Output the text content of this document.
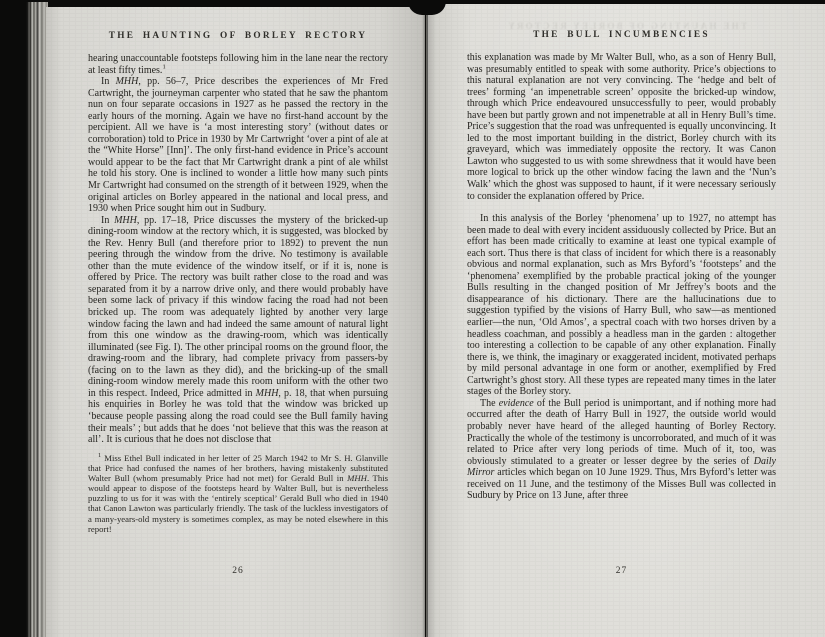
THE HAUNTING OF BORLEY RECTORY

hearing unaccountable footsteps following him in the lane near the rectory at least fifty times.$^1$

In MHH, pp. 56–7, Price describes the experiences of Mr Fred Cartwright, the journeyman carpenter who stated that he saw the phantom nun on four separate occasions in 1927 as he passed the rectory in the early hours of the morning. Again we have no first-hand account by the percipient. All we have is ‘a most interesting story’ (without dates or corroboration) told to Price in 1930 by Mr Cartwright ‘over a pint of ale at the “White Horse” [Inn]’. The only first-hand evidence in Price’s account would appear to be the fact that Mr Cartwright drank a pint of ale whilst he told his story. One is inclined to wonder a little how many such pints Mr Cartwright had consumed on the strength of it between 1929, when the original articles on Borley appeared in the national and local press, and 1930 when Price sought him out in Sudbury.

In MHH, pp. 17–18, Price discusses the mystery of the bricked-up dining-room window at the rectory which, it is suggested, was blocked by the Rev. Henry Bull (and therefore prior to 1892) to prevent the nun peering through the window from the drive. No testimony is available other than the mute evidence of the window itself, or if it is, none is offered by Price. The rectory was built rather close to the road and was separated from it by a narrow drive only, and there would probably have been some lack of privacy if this window facing the road had not been bricked up. The room was adequately lighted by another very large window facing the lawn and had indeed the same amount of natural light from this one window as the drawing-room, which was identically illuminated (see Fig. I). The other principal rooms on the ground floor, the drawing-room and the library, had complete privacy from passers-by (facing on to the lawn as they did), and the bricking-up of the small dining-room window merely made this room uniform with the other two in this respect. Indeed, Price admitted in MHH, p. 18, that when pursuing his enquiries in Borley he was told that the window was bricked up ‘because people passing along the road could see the Bull family having their meals’ ; but adds that he does ‘not believe that this was the reason at all’. It is curious that he does not disclose that

$^1$ Miss Ethel Bull indicated in her letter of 25 March 1942 to Mr S. H. Glanville that Price had confused the names of her brothers, having mistakenly substituted Walter Bull (whom presumably Price had not met) for Gerald Bull in MHH. This would appear to dispose of the footsteps heard by Walter Bull, but is nevertheless puzzling to us for it was with the ‘entirely sceptical’ Gerald Bull who died in 1940 that Canon Lawton was particularly friendly. The task of the luckless investigators of a many-years-old mystery is sometimes complex, as may be noted elsewhere in this report!

26
THE HAUNTING OF BORLEY RECTORY
THE BULL INCUMBENCIES

this explanation was made by Mr Walter Bull, who, as a son of Henry Bull, was presumably entitled to speak with some authority. Price’s objections to this natural explanation are not very convincing. The ‘hedge and belt of trees’ forming ‘an impenetrable screen’ opposite the bricked-up window, through which Price endeavoured unsuccessfully to peer, would probably have been but partly grown and not impenetrable at all in Henry Bull’s time. Price’s suggestion that the road was unfrequented is equally unconvincing. It led to the most important building in the district, Borley church with its graveyard, which was immediately opposite the rectory. It was Canon Lawton who suggested to us with some shrewdness that it would have been more logical to brick up the other window facing the lawn and the ‘Nun’s Walk’ which the ghost was supposed to haunt, if it were necessary seriously to consider the explanation offered by Price.

In this analysis of the Borley ‘phenomena’ up to 1927, no attempt has been made to deal with every incident assiduously collected by Price. But an effort has been made critically to examine at least one typical example of each sort. Thus there is that class of incident for which there is a reasonably obvious and normal explanation, such as Mrs Byford’s ‘footsteps’ and the ‘phenomena’ exemplified by the probable practical joking of the younger Bulls resulting in the changed position of Mr Jeffrey’s boots and the disappearance of his dictionary. There are the hallucinations due to suggestion typified by the visions of Harry Bull, who saw—as mentioned earlier—the nun, ‘Old Amos’, a spectral coach with two horses driven by a headless coachman, and possibly a headless man in the garden : altogether too interesting a collection to be capable of any other explanation. Finally there is, we think, the imaginary or exaggerated incident, motivated perhaps by mild personal advantage in one form or another, exemplified by Fred Cartwright’s ghost story. All these types are repeated many times in the later stages of the Borley story.

The evidence of the Bull period is unimportant, and if nothing more had occurred after the death of Harry Bull in 1927, the outside world would probably never have heard of the alleged haunting of Borley Rectory. Practically the whole of the testimony is uncorroborated, and much of it was related to Price after very long periods of time. Much of it, too, was obviously stimulated to a greater or lesser degree by the series of Daily Mirror articles which began on 10 June 1929. Thus, Mrs Byford’s letter was received on 11 June, and the testimony of the Misses Bull was collected in Sudbury by Price on 13 June, after three

27
